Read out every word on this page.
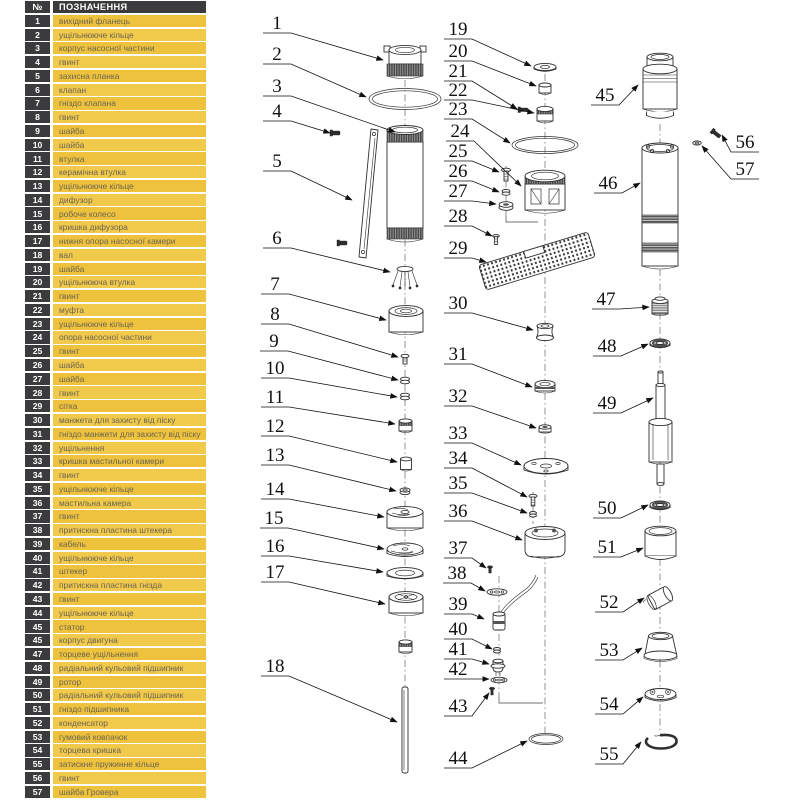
№	ПОЗНАЧЕННЯ
1	вихідний фланець
2	ущільнююче кільце
3	корпус насосної частини
4	гвинт
5	захисна планка
6	клапан
7	гніздо клапана
8	гвинт
9	шайба
10	шайба
11	втулка
12	керамічна втулка
13	ущільнююче кільце
14	дифузор
15	робоче колесо
16	кришка дифузора
17	нижня опора насосної камери
18	вал
19	шайба
20	ущільнююча втулка
21	гвинт
22	муфта
23	ущільнююче кільце
24	опора насосної частини
25	гвинт
26	шайба
27	шайба
28	гвинт
29	сітка
30	манжета для захисту від піску
31	гніздо манжети для захисту від піску
32	ущільнення
33	кришка мастильної камери
34	гвинт
35	ущільнююче кільце
36	мастильна камера
37	гвинт
38	притискна пластина штекера
39	кабель
40	ущільнююче кільце
41	штекер
42	притискна пластина гнізда
43	гвинт
44	ущільнююче кільце
45	статор
45	корпус двигуна
47	торцеве ущільнення
48	радіальний кульовий підшипник
49	ротор
50	радіальний кульовий підшипник
51	гніздо підшипника
52	конденсатор
53	гумовий ковпачок
54	торцева кришка
55	затискне пружинне кільце
56	гвинт
57	шайба Гровера
1
2
3
4
5
6
7
8
9
10
11
12
13
14
15
16
17
18
19
20
21
22
23
24
25
26
27
28
29
30
31
32
33
34
35
36
37
38
39
40
41
42
43
44
45
46
47
48
49
50
51
52
53
54
55
56
57
